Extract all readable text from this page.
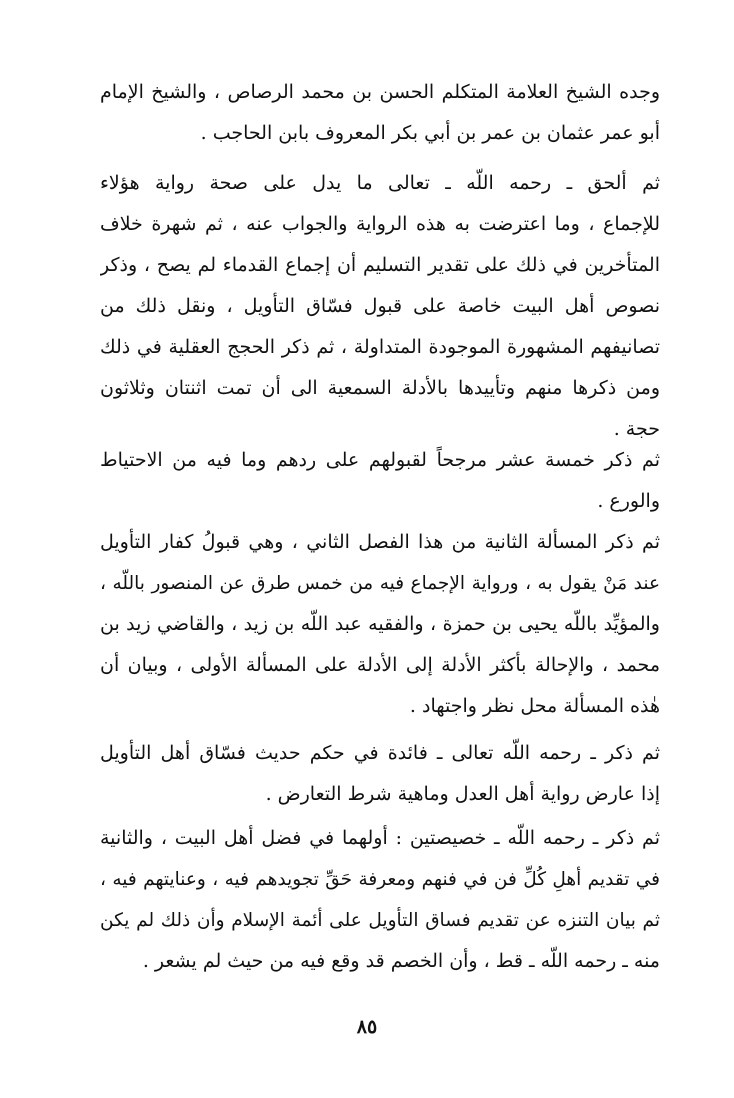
وجده الشيخ العلامة المتكلم الحسن بن محمد الرصاص ، والشيخ الإمام
أبو عمر عثمان بن عمر بن أبي بكر المعروف بابن الحاجب .
ثم ألحق ـ رحمه اللّه ـ تعالى ما يدل على صحة رواية هؤلاء
للإجماع ، وما اعترضت به هذه الرواية والجواب عنه ، ثم شهرة خلاف
المتأخرين في ذلك على تقدير التسليم أن إجماع القدماء لم يصح ، وذكر
نصوص أهل البيت خاصة على قبول فسّاق التأويل ، ونقل ذلك من
تصانيفهم المشهورة الموجودة المتداولة ، ثم ذكر الحجج العقلية في ذلك
ومن ذكرها منهم وتأييدها بالأدلة السمعية الى أن تمت اثنتان وثلاثون
حجة .
ثم ذكر خمسة عشر مرجحاً لقبولهم على ردهم وما فيه من الاحتياط
والورع .
ثم ذكر المسألة الثانية من هذا الفصل الثاني ، وهي قبولُ كفار التأويل
عند مَنْ يقول به ، ورواية الإجماع فيه من خمس طرق عن المنصور باللّه ،
والمؤيِّد باللّه يحيى بن حمزة ، والفقيه عبد اللّه بن زيد ، والقاضي زيد بن
محمد ، والإحالة بأكثر الأدلة إلى الأدلة على المسألة الأولى ، وبيان أن
هٰذه المسألة محل نظر واجتهاد .
ثم ذكر ـ رحمه اللّه تعالى ـ فائدة في حكم حديث فسّاق أهل التأويل
إذا عارض رواية أهل العدل وماهية شرط التعارض .
ثم ذكر ـ رحمه اللّه ـ خصيصتين : أولهما في فضل أهل البيت ، والثانية
في تقديم أهلِ كُلِّ فن في فنهم ومعرفة حَقِّ تجويدهم فيه ، وعنايتهم فيه ،
ثم بيان التنزه عن تقديم فساق التأويل على أئمة الإسلام وأن ذلك لم يكن
منه ـ رحمه اللّه ـ قط ، وأن الخصم قد وقع فيه من حيث لم يشعر .
٨٥
